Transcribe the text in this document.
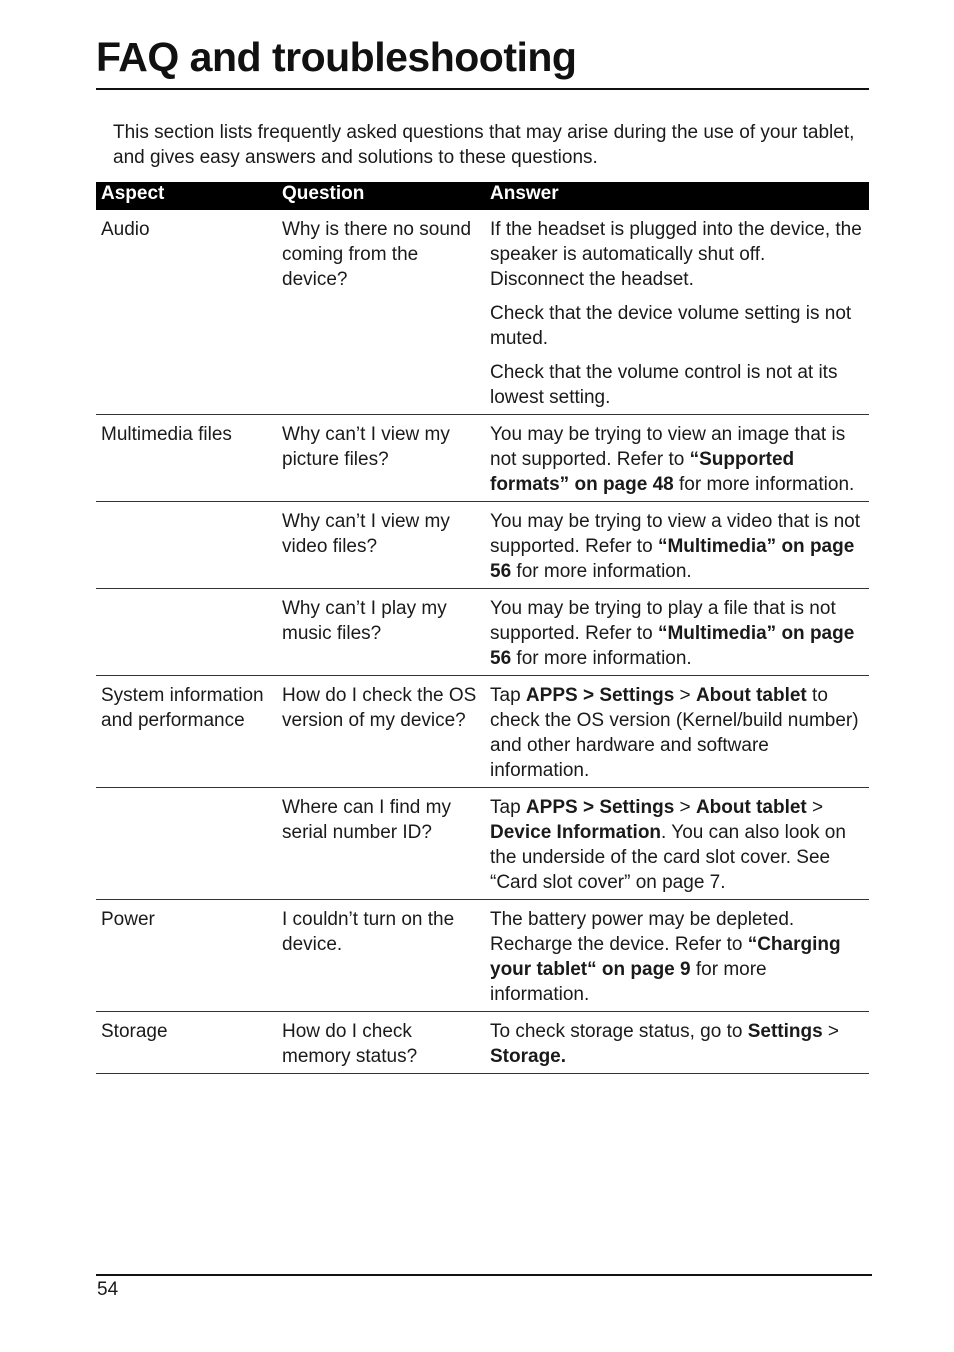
FAQ and troubleshooting

This section lists frequently asked questions that may arise during the use of your tablet, and gives easy answers and solutions to these questions.

Aspect	Question	Answer
Audio	Why is there no sound coming from the device?	If the headset is plugged into the device, the speaker is automatically shut off. Disconnect the headset.
Check that the device volume setting is not muted.
Check that the volume control is not at its lowest setting.

Multimedia files	Why can’t I view my picture files?	You may be trying to view an image that is not supported. Refer to “Supported formats” on page 48 for more information.

	Why can’t I view my video files?	You may be trying to view a video that is not supported. Refer to “Multimedia” on page 56 for more information.

	Why can’t I play my music files?	You may be trying to play a file that is not supported. Refer to “Multimedia” on page 56 for more information.

System information and performance	How do I check the OS version of my device?	Tap APPS > Settings > About tablet to check the OS version (Kernel/build number) and other hardware and software information.

	Where can I find my serial number ID?	Tap APPS > Settings > About tablet > Device Information. You can also look on the underside of the card slot cover. See “Card slot cover” on page 7.

Power	I couldn’t turn on the device.	The battery power may be depleted. Recharge the device. Refer to “Charging your tablet“ on page 9 for more information.

Storage	How do I check memory status?	To check storage status, go to Settings > Storage.
54
